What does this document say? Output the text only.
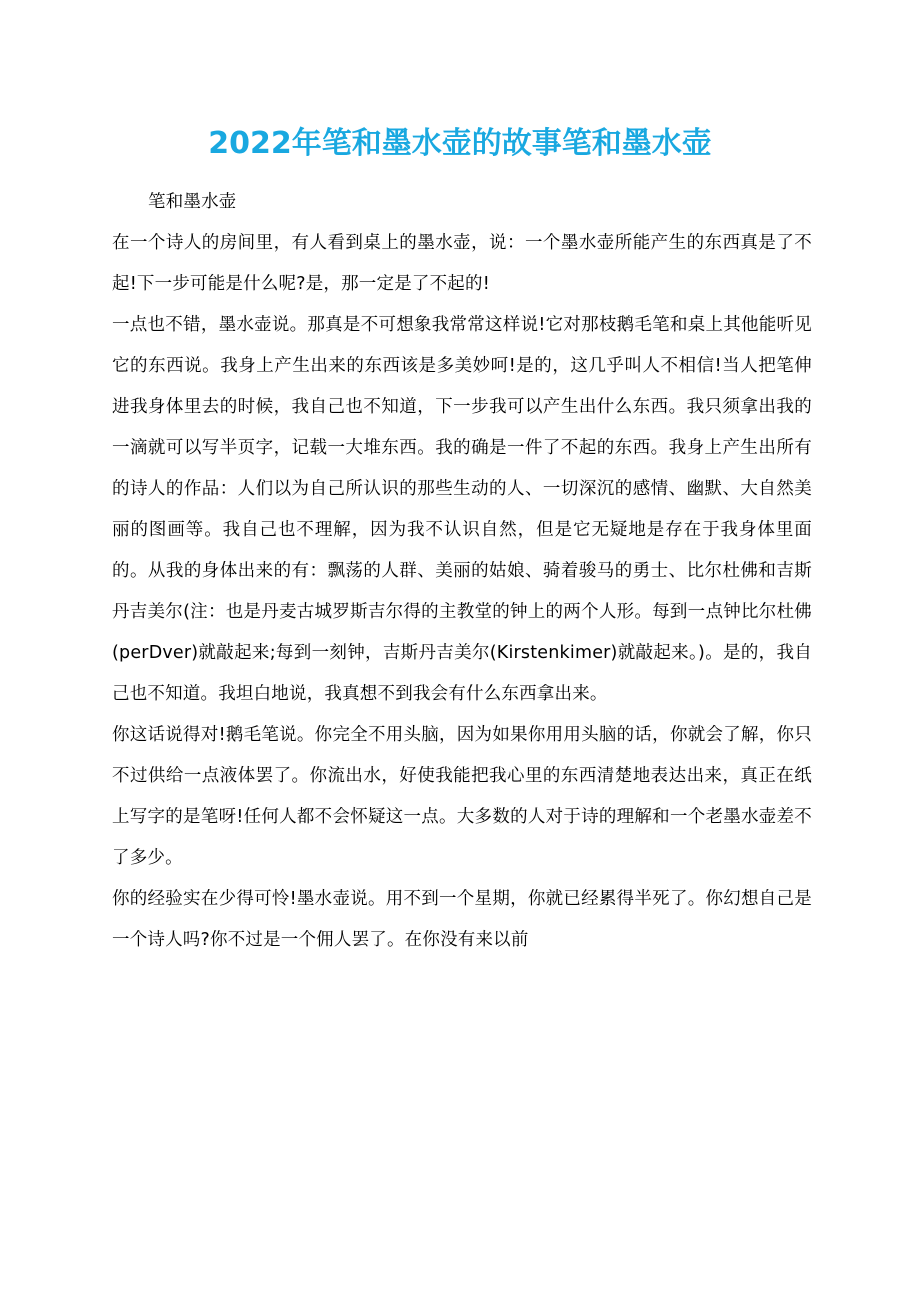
2022年笔和墨水壶的故事笔和墨水壶

笔和墨水壶

在一个诗人的房间里，有人看到桌上的墨水壶，说：一个墨水壶所能产生的东西真是了不起!下一步可能是什么呢?是，那一定是了不起的!

一点也不错，墨水壶说。那真是不可想象我常常这样说!它对那枝鹅毛笔和桌上其他能听见它的东西说。我身上产生出来的东西该是多美妙呵!是的，这几乎叫人不相信!当人把笔伸进我身体里去的时候，我自己也不知道，下一步我可以产生出什么东西。我只须拿出我的一滴就可以写半页字，记载一大堆东西。我的确是一件了不起的东西。我身上产生出所有的诗人的作品：人们以为自己所认识的那些生动的人、一切深沉的感情、幽默、大自然美丽的图画等。我自己也不理解，因为我不认识自然，但是它无疑地是存在于我身体里面的。从我的身体出来的有：飘荡的人群、美丽的姑娘、骑着骏马的勇士、比尔杜佛和吉斯丹吉美尔(注：也是丹麦古城罗斯吉尔得的主教堂的钟上的两个人形。每到一点钟比尔杜佛(perDver)就敲起来;每到一刻钟，吉斯丹吉美尔(Kirstenkimer)就敲起来。)。是的，我自己也不知道。我坦白地说，我真想不到我会有什么东西拿出来。

你这话说得对!鹅毛笔说。你完全不用头脑，因为如果你用用头脑的话，你就会了解，你只不过供给一点液体罢了。你流出水，好使我能把我心里的东西清楚地表达出来，真正在纸上写字的是笔呀!任何人都不会怀疑这一点。大多数的人对于诗的理解和一个老墨水壶差不了多少。

你的经验实在少得可怜!墨水壶说。用不到一个星期，你就已经累得半死了。你幻想自己是一个诗人吗?你不过是一个佣人罢了。在你没有来以前
